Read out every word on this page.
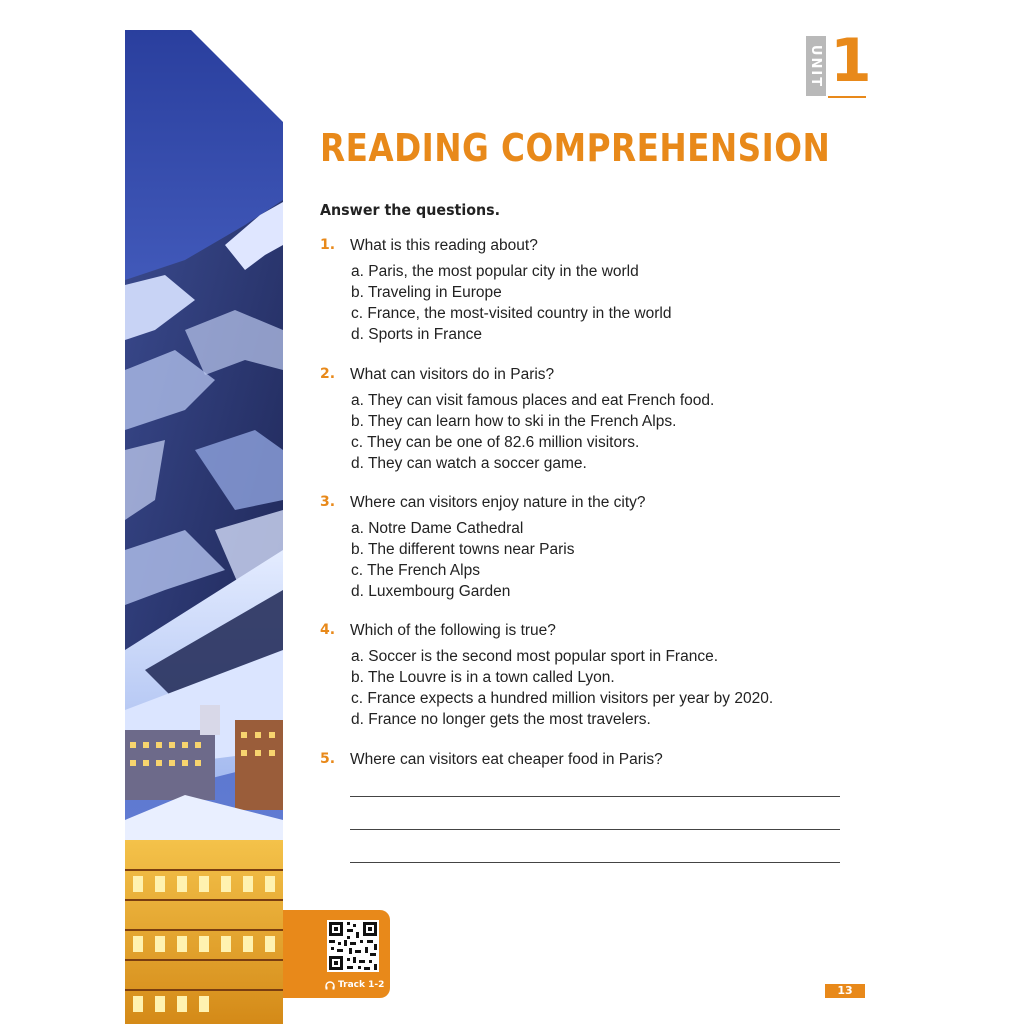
UNIT 1
READING COMPREHENSION
Answer the questions.
1. What is this reading about?
a. Paris, the most popular city in the world
b. Traveling in Europe
c. France, the most-visited country in the world
d. Sports in France
2. What can visitors do in Paris?
a. They can visit famous places and eat French food.
b. They can learn how to ski in the French Alps.
c. They can be one of 82.6 million visitors.
d. They can watch a soccer game.
3. Where can visitors enjoy nature in the city?
a. Notre Dame Cathedral
b. The different towns near Paris
c. The French Alps
d. Luxembourg Garden
4. Which of the following is true?
a. Soccer is the second most popular sport in France.
b. The Louvre is in a town called Lyon.
c. France expects a hundred million visitors per year by 2020.
d. France no longer gets the most travelers.
5. Where can visitors eat cheaper food in Paris?
Track 1-2	13
